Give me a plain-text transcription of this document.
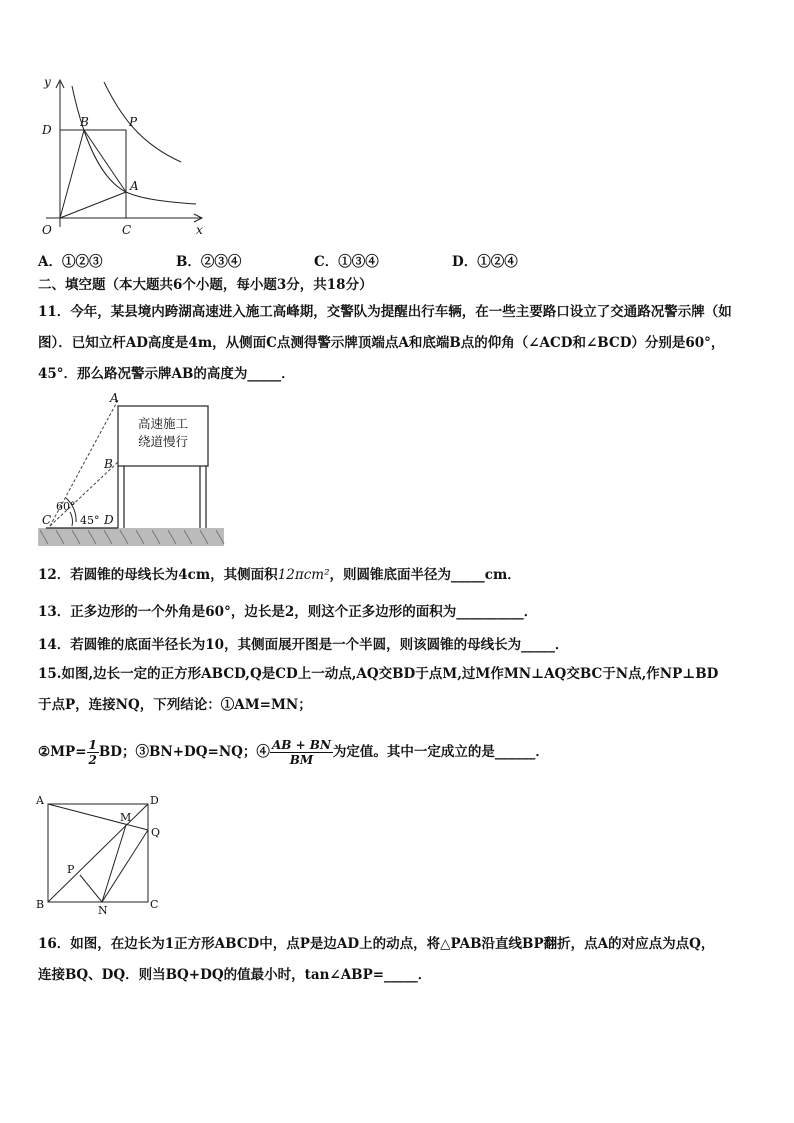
y
x
O
D
B	P
A
C
A．①②③	B．②③④	C．①③④	D．①②④
二、填空题（本大题共6个小题，每小题3分，共18分）
11．今年，某县境内跨湖高速进入施工高峰期，交警队为提醒出行车辆，在一些主要路口设立了交通路况警示牌（如
图）．已知立杆AD高度是4m，从侧面C点测得警示牌顶端点A和底端B点的仰角（∠ACD和∠BCD）分别是60°，
45°．那么路况警示牌AB的高度为_____．
高速施工
绕道慢行
A
B
C	D
60°
45°
12．若圆锥的母线长为4cm，其侧面积12πcm²，则圆锥底面半径为_____cm．
13．正多边形的一个外角是60°，边长是2，则这个正多边形的面积为__________．
14．若圆锥的底面半径长为10，其侧面展开图是一个半圆，则该圆锥的母线长为_____．
15.如图,边长一定的正方形ABCD,Q是CD上一动点,AQ交BD于点M,过M作MN⊥AQ交BC于N点,作NP⊥BD
于点P，连接NQ，下列结论：①AM=MN；
②MP= $\frac{1}{2}$ BD；③BN+DQ=NQ；④ $\frac{AB + BN}{BM}$ 为定值。其中一定成立的是______．
A	D
M
Q
P
B	N	C
16．如图，在边长为1正方形ABCD中，点P是边AD上的动点，将△PAB沿直线BP翻折，点A的对应点为点Q，
连接BQ、DQ．则当BQ+DQ的值最小时，tan∠ABP=_____．
